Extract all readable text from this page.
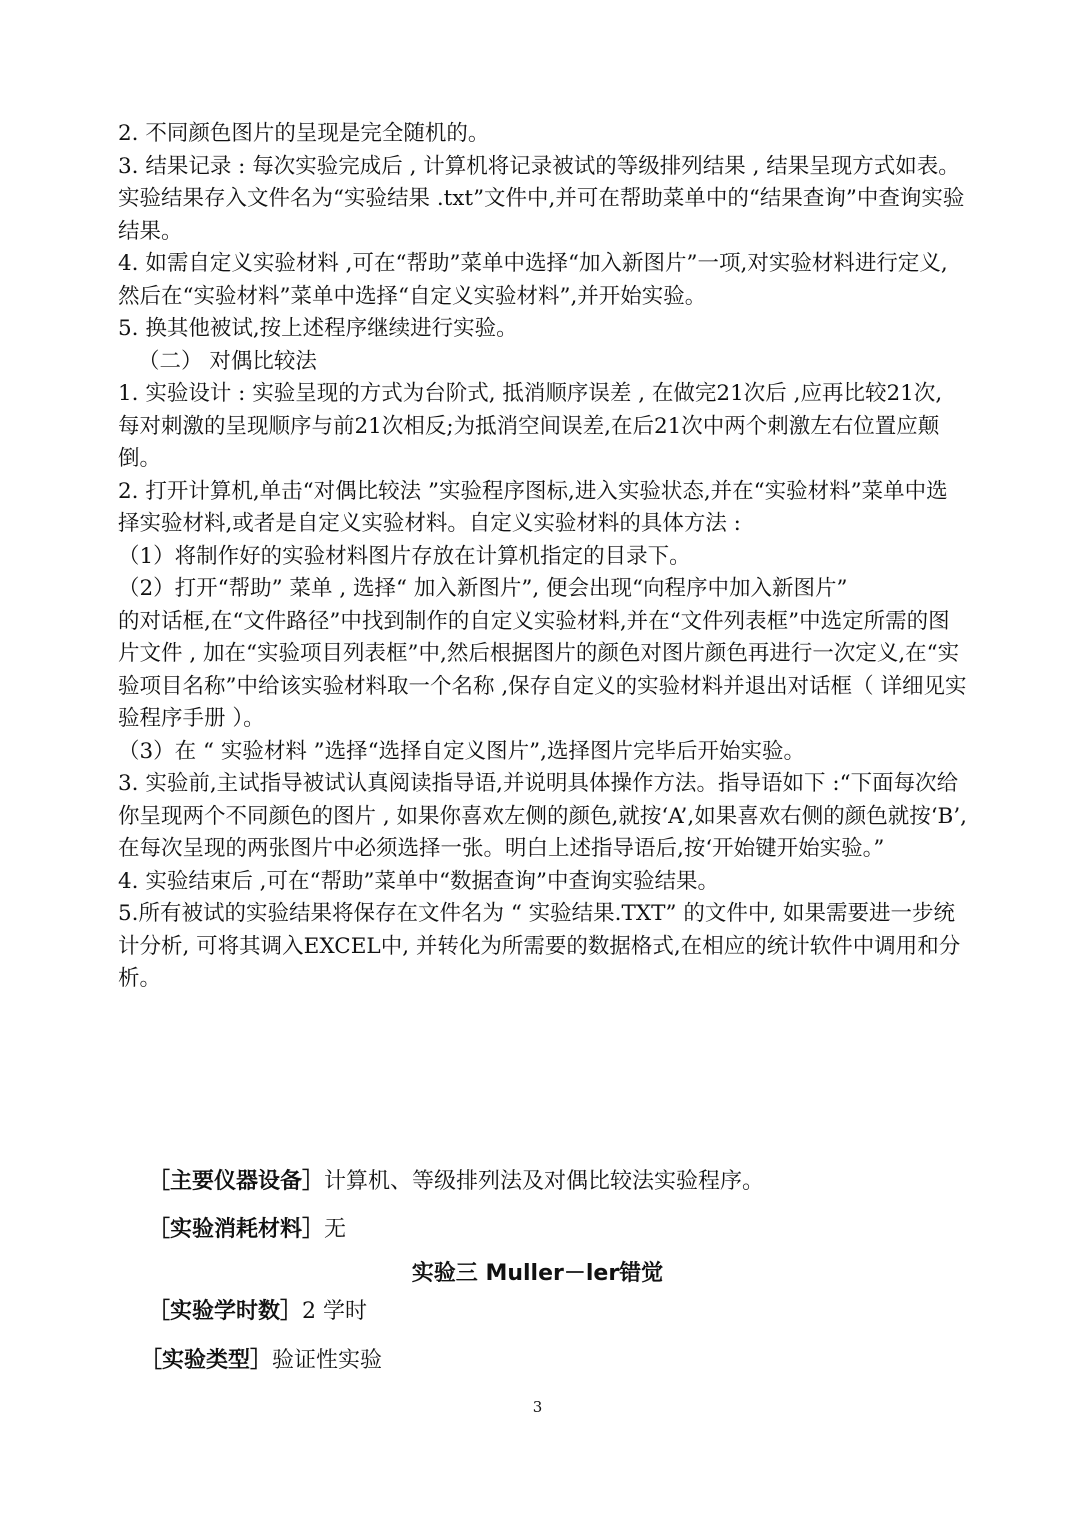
2. 不同颜色图片的呈现是完全随机的。

3. 结果记录 : 每次实验完成后 , 计算机将记录被试的等级排列结果 , 结果呈现方式如表。实验结果存入文件名为“实验结果 .txt”文件中,并可在帮助菜单中的“结果查询”中查询实验结果。

4. 如需自定义实验材料 ,可在“帮助”菜单中选择“加入新图片”一项,对实验材料进行定义,然后在“实验材料”菜单中选择“自定义实验材料”,并开始实验。

5. 换其他被试,按上述程序继续进行实验。

（二） 对偶比较法

1. 实验设计 : 实验呈现的方式为台阶式, 抵消顺序误差 , 在做完21次后 ,应再比较21次, 每对刺激的呈现顺序与前21次相反;为抵消空间误差,在后21次中两个刺激左右位置应颠倒。

2. 打开计算机,单击“对偶比较法 ”实验程序图标,进入实验状态,并在“实验材料”菜单中选择实验材料,或者是自定义实验材料。自定义实验材料的具体方法 :

（1）将制作好的实验材料图片存放在计算机指定的目录下。

（2）打开“帮助” 菜单 , 选择“ 加入新图片”, 便会出现“向程序中加入新图片”

的对话框,在“文件路径”中找到制作的自定义实验材料,并在“文件列表框”中选定所需的图片文件 , 加在“实验项目列表框”中,然后根据图片的颜色对图片颜色再进行一次定义,在“实验项目名称”中给该实验材料取一个名称 ,保存自定义的实验材料并退出对话框（ 详细见实验程序手册 ）。

（3）在 “ 实验材料 ”选择“选择自定义图片”,选择图片完毕后开始实验。

3. 实验前,主试指导被试认真阅读指导语,并说明具体操作方法。指导语如下 :“下面每次给你呈现两个不同颜色的图片 , 如果你喜欢左侧的颜色,就按‘A’,如果喜欢右侧的颜色就按‘B’,在每次呈现的两张图片中必须选择一张。明白上述指导语后,按‘开始键开始实验。”

4. 实验结束后 ,可在“帮助”菜单中“数据查询”中查询实验结果。

5.所有被试的实验结果将保存在文件名为 “ 实验结果.TXT” 的文件中, 如果需要进一步统计分析, 可将其调入EXCEL中, 并转化为所需要的数据格式,在相应的统计软件中调用和分析。

［主要仪器设备］计算机、等级排列法及对偶比较法实验程序。
［实验消耗材料］无
实验三 Muller－ler错觉
［实验学时数］2 学时
［实验类型］验证性实验
3
